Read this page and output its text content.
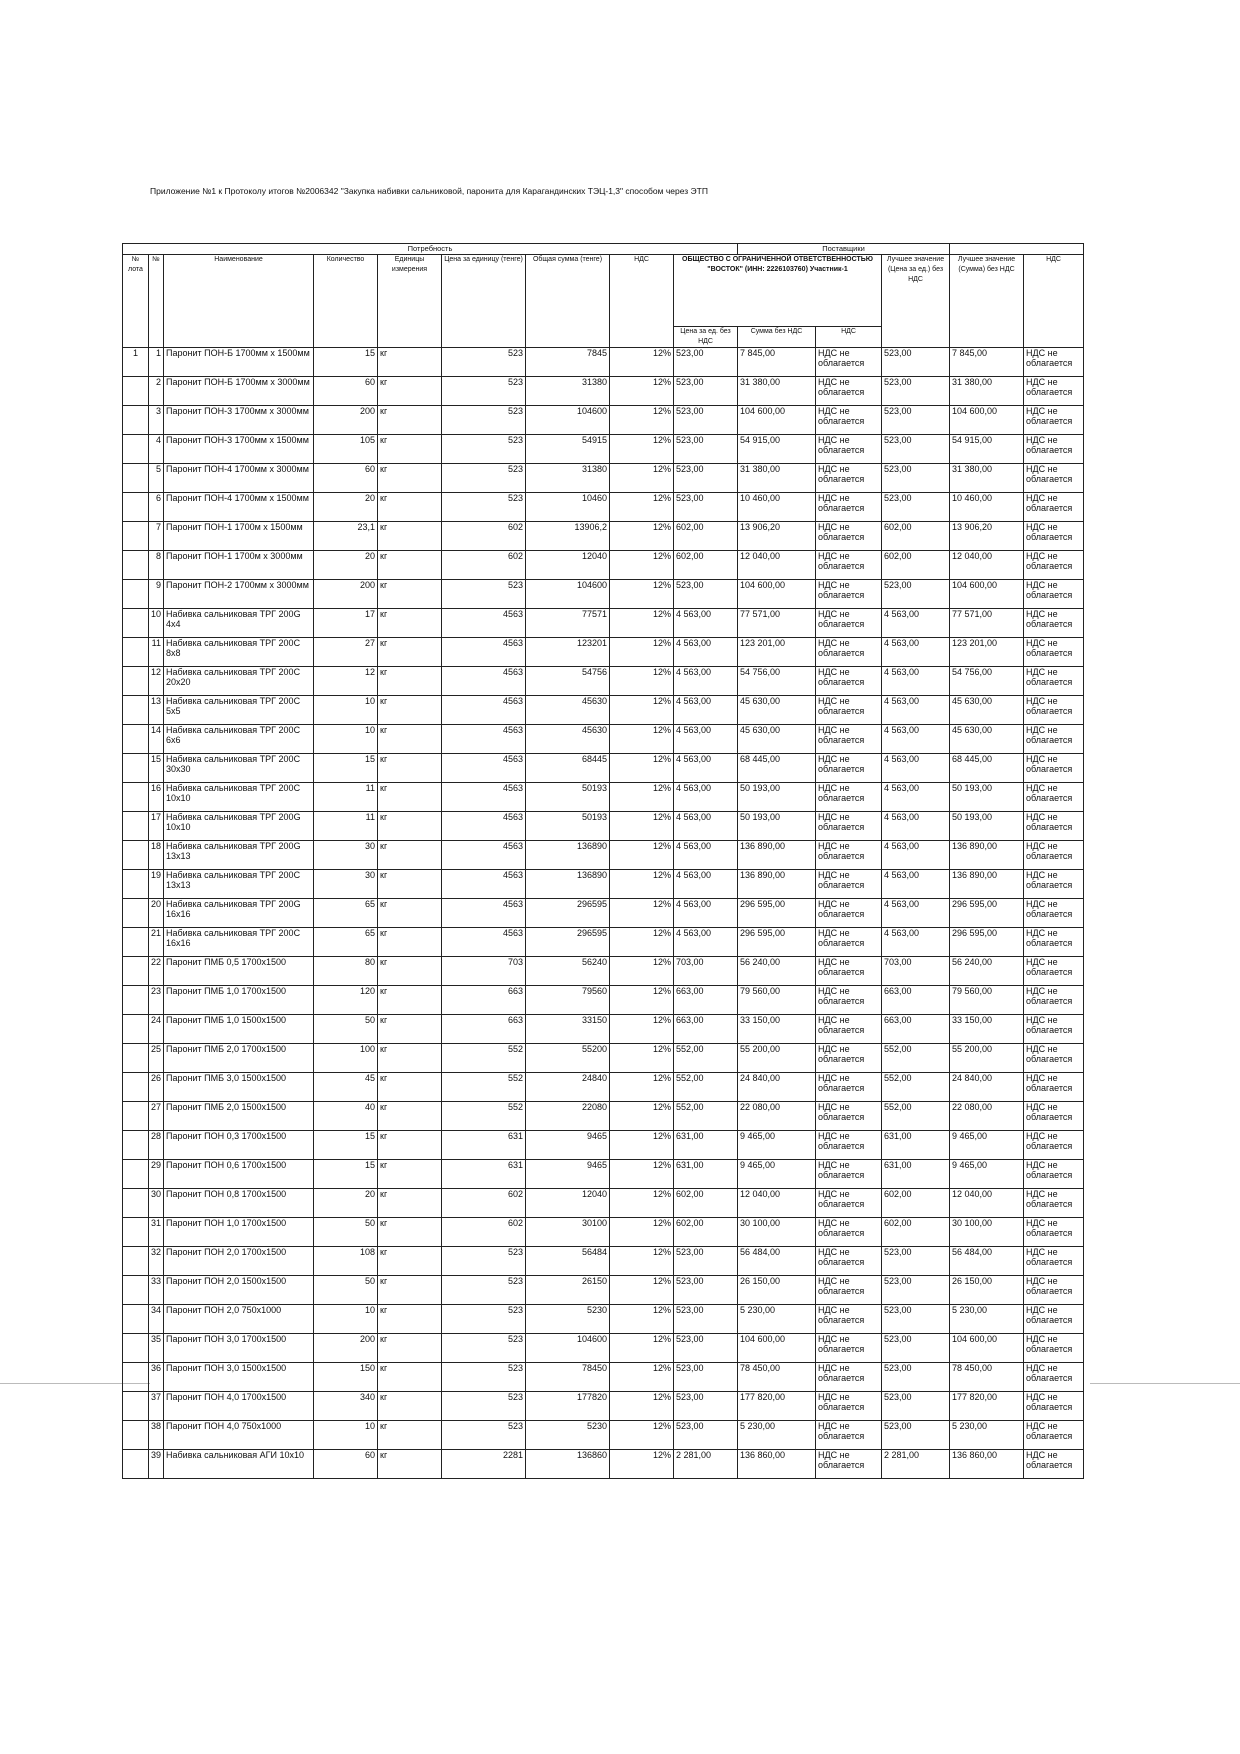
Приложение №1 к Протоколу итогов №2006342 "Закупка набивки сальниковой, паронита для Карагандинских ТЭЦ-1,3" способом через ЭТП
Потребность									Поставщики				
№ лота	№	Наименование	Количество	Единицы измерения	Цена за единицу (тенге)	Общая сумма (тенге)	НДС	ОБЩЕСТВО С ОГРАНИЧЕННОЙ ОТВЕТСТВЕННОСТЬЮ "ВОСТОК" (ИНН: 2226103760) Участник-1			Лучшее значение (Цена за ед.) без НДС	Лучшее значение (Сумма) без НДС	НДС
								Цена за ед. без НДС	Сумма без НДС	НДС			
1	1	Паронит ПОН-Б 1700мм х 1500мм	15	кг	523	7845	12%	523,00	7 845,00	НДС не облагается	523,00	7 845,00	НДС не облагается
	2	Паронит ПОН-Б 1700мм х 3000мм	60	кг	523	31380	12%	523,00	31 380,00	НДС не облагается	523,00	31 380,00	НДС не облагается
	3	Паронит ПОН-3 1700мм х 3000мм	200	кг	523	104600	12%	523,00	104 600,00	НДС не облагается	523,00	104 600,00	НДС не облагается
	4	Паронит ПОН-3 1700мм х 1500мм	105	кг	523	54915	12%	523,00	54 915,00	НДС не облагается	523,00	54 915,00	НДС не облагается
	5	Паронит ПОН-4 1700мм х 3000мм	60	кг	523	31380	12%	523,00	31 380,00	НДС не облагается	523,00	31 380,00	НДС не облагается
	6	Паронит ПОН-4 1700мм х 1500мм	20	кг	523	10460	12%	523,00	10 460,00	НДС не облагается	523,00	10 460,00	НДС не облагается
	7	Паронит ПОН-1 1700м х 1500мм	23,1	кг	602	13906,2	12%	602,00	13 906,20	НДС не облагается	602,00	13 906,20	НДС не облагается
	8	Паронит ПОН-1 1700м х 3000мм	20	кг	602	12040	12%	602,00	12 040,00	НДС не облагается	602,00	12 040,00	НДС не облагается
	9	Паронит ПОН-2 1700мм х 3000мм	200	кг	523	104600	12%	523,00	104 600,00	НДС не облагается	523,00	104 600,00	НДС не облагается
	10	Набивка сальниковая ТРГ 200G 4x4	17	кг	4563	77571	12%	4 563,00	77 571,00	НДС не облагается	4 563,00	77 571,00	НДС не облагается
	11	Набивка сальниковая ТРГ 200С 8х8	27	кг	4563	123201	12%	4 563,00	123 201,00	НДС не облагается	4 563,00	123 201,00	НДС не облагается
	12	Набивка сальниковая ТРГ 200С 20х20	12	кг	4563	54756	12%	4 563,00	54 756,00	НДС не облагается	4 563,00	54 756,00	НДС не облагается
	13	Набивка сальниковая ТРГ 200С 5х5	10	кг	4563	45630	12%	4 563,00	45 630,00	НДС не облагается	4 563,00	45 630,00	НДС не облагается
	14	Набивка сальниковая ТРГ 200С 6х6	10	кг	4563	45630	12%	4 563,00	45 630,00	НДС не облагается	4 563,00	45 630,00	НДС не облагается
	15	Набивка сальниковая ТРГ 200С 30х30	15	кг	4563	68445	12%	4 563,00	68 445,00	НДС не облагается	4 563,00	68 445,00	НДС не облагается
	16	Набивка сальниковая ТРГ 200С 10х10	11	кг	4563	50193	12%	4 563,00	50 193,00	НДС не облагается	4 563,00	50 193,00	НДС не облагается
	17	Набивка сальниковая ТРГ 200G 10х10	11	кг	4563	50193	12%	4 563,00	50 193,00	НДС не облагается	4 563,00	50 193,00	НДС не облагается
	18	Набивка сальниковая ТРГ 200G 13х13	30	кг	4563	136890	12%	4 563,00	136 890,00	НДС не облагается	4 563,00	136 890,00	НДС не облагается
	19	Набивка сальниковая ТРГ 200С 13х13	30	кг	4563	136890	12%	4 563,00	136 890,00	НДС не облагается	4 563,00	136 890,00	НДС не облагается
	20	Набивка сальниковая ТРГ 200G 16х16	65	кг	4563	296595	12%	4 563,00	296 595,00	НДС не облагается	4 563,00	296 595,00	НДС не облагается
	21	Набивка сальниковая ТРГ 200С 16х16	65	кг	4563	296595	12%	4 563,00	296 595,00	НДС не облагается	4 563,00	296 595,00	НДС не облагается
	22	Паронит ПМБ 0,5 1700х1500	80	кг	703	56240	12%	703,00	56 240,00	НДС не облагается	703,00	56 240,00	НДС не облагается
	23	Паронит ПМБ 1,0 1700х1500	120	кг	663	79560	12%	663,00	79 560,00	НДС не облагается	663,00	79 560,00	НДС не облагается
	24	Паронит ПМБ 1,0 1500х1500	50	кг	663	33150	12%	663,00	33 150,00	НДС не облагается	663,00	33 150,00	НДС не облагается
	25	Паронит ПМБ 2,0 1700х1500	100	кг	552	55200	12%	552,00	55 200,00	НДС не облагается	552,00	55 200,00	НДС не облагается
	26	Паронит ПМБ 3,0 1500х1500	45	кг	552	24840	12%	552,00	24 840,00	НДС не облагается	552,00	24 840,00	НДС не облагается
	27	Паронит ПМБ 2,0 1500х1500	40	кг	552	22080	12%	552,00	22 080,00	НДС не облагается	552,00	22 080,00	НДС не облагается
	28	Паронит ПОН 0,3 1700х1500	15	кг	631	9465	12%	631,00	9 465,00	НДС не облагается	631,00	9 465,00	НДС не облагается
	29	Паронит ПОН 0,6 1700х1500	15	кг	631	9465	12%	631,00	9 465,00	НДС не облагается	631,00	9 465,00	НДС не облагается
	30	Паронит ПОН 0,8 1700х1500	20	кг	602	12040	12%	602,00	12 040,00	НДС не облагается	602,00	12 040,00	НДС не облагается
	31	Паронит ПОН 1,0 1700х1500	50	кг	602	30100	12%	602,00	30 100,00	НДС не облагается	602,00	30 100,00	НДС не облагается
	32	Паронит ПОН 2,0 1700х1500	108	кг	523	56484	12%	523,00	56 484,00	НДС не облагается	523,00	56 484,00	НДС не облагается
	33	Паронит ПОН 2,0 1500х1500	50	кг	523	26150	12%	523,00	26 150,00	НДС не облагается	523,00	26 150,00	НДС не облагается
	34	Паронит ПОН 2,0 750х1000	10	кг	523	5230	12%	523,00	5 230,00	НДС не облагается	523,00	5 230,00	НДС не облагается
	35	Паронит ПОН 3,0 1700х1500	200	кг	523	104600	12%	523,00	104 600,00	НДС не облагается	523,00	104 600,00	НДС не облагается
	36	Паронит ПОН 3,0 1500х1500	150	кг	523	78450	12%	523,00	78 450,00	НДС не облагается	523,00	78 450,00	НДС не облагается
	37	Паронит ПОН 4,0 1700х1500	340	кг	523	177820	12%	523,00	177 820,00	НДС не облагается	523,00	177 820,00	НДС не облагается
	38	Паронит ПОН 4,0 750х1000	10	кг	523	5230	12%	523,00	5 230,00	НДС не облагается	523,00	5 230,00	НДС не облагается
	39	Набивка сальниковая АГИ 10х10	60	кг	2281	136860	12%	2 281,00	136 860,00	НДС не облагается	2 281,00	136 860,00	НДС не облагается
